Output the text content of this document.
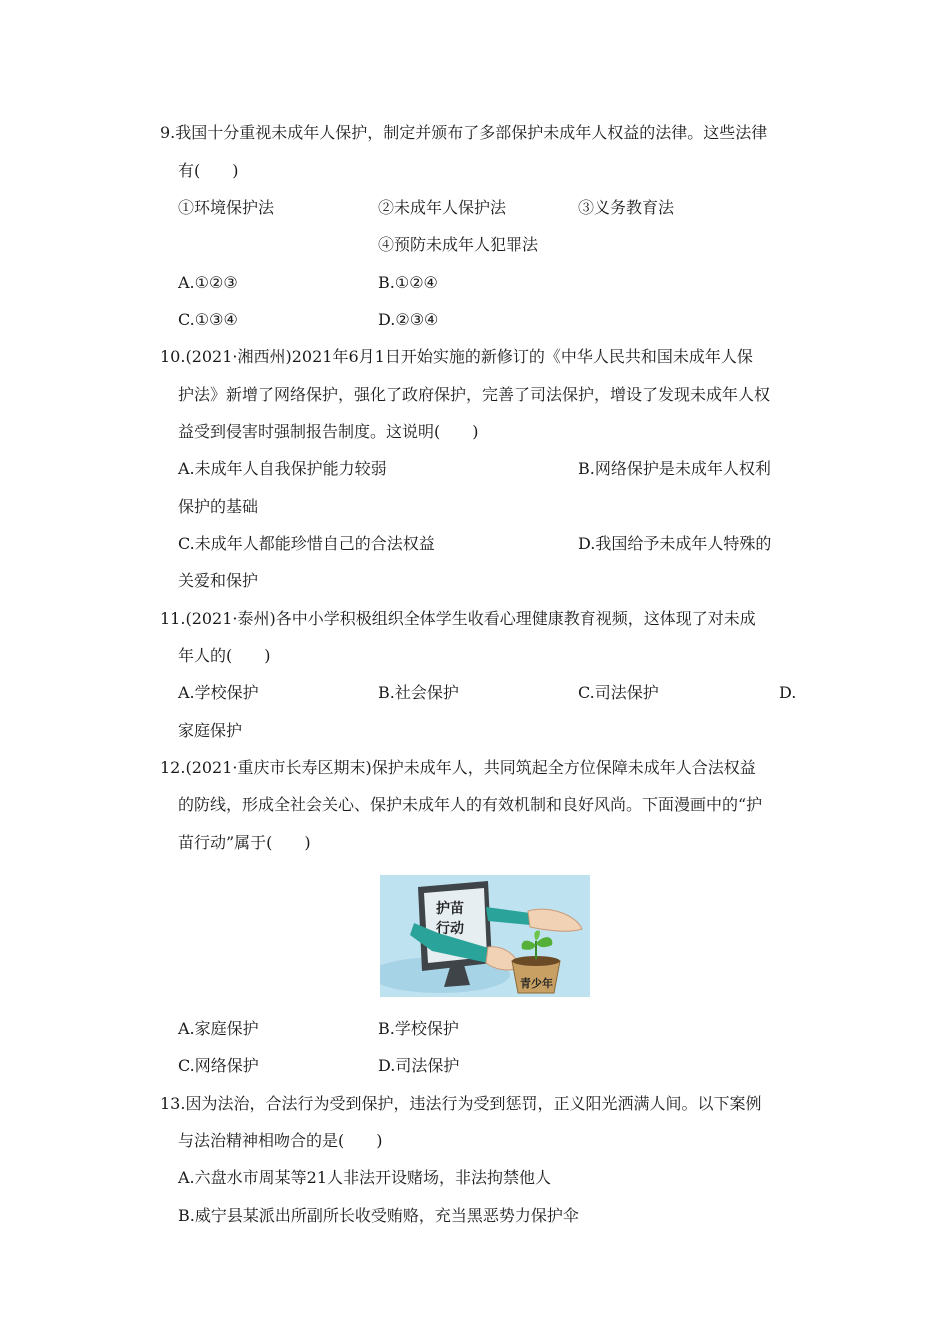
9.我国十分重视未成年人保护，制定并颁布了多部保护未成年人权益的法律。这些法律
有(　　)
①环境保护法	②未成年人保护法	③义务教育法
④预防未成年人犯罪法
A.①②③	B.①②④
C.①③④	D.②③④
10.(2021·湘西州)2021年6月1日开始实施的新修订的《中华人民共和国未成年人保
护法》新增了网络保护，强化了政府保护，完善了司法保护，增设了发现未成年人权
益受到侵害时强制报告制度。这说明(　　)
A.未成年人自我保护能力较弱	B.网络保护是未成年人权利
保护的基础
C.未成年人都能珍惜自己的合法权益	D.我国给予未成年人特殊的
关爱和保护
11.(2021·泰州)各中小学积极组织全体学生收看心理健康教育视频，这体现了对未成
年人的(　　)
A.学校保护	B.社会保护	C.司法保护	D.
家庭保护
12.(2021·重庆市长寿区期末)保护未成年人，共同筑起全方位保障未成年人合法权益
的防线，形成全社会关心、保护未成年人的有效机制和良好风尚。下面漫画中的“护
苗行动”属于(　　)
护苗
行动
青少年
A.家庭保护	B.学校保护
C.网络保护	D.司法保护
13.因为法治，合法行为受到保护，违法行为受到惩罚，正义阳光洒满人间。以下案例
与法治精神相吻合的是(　　)
A.六盘水市周某等21人非法开设赌场，非法拘禁他人
B.威宁县某派出所副所长收受贿赂，充当黑恶势力保护伞
